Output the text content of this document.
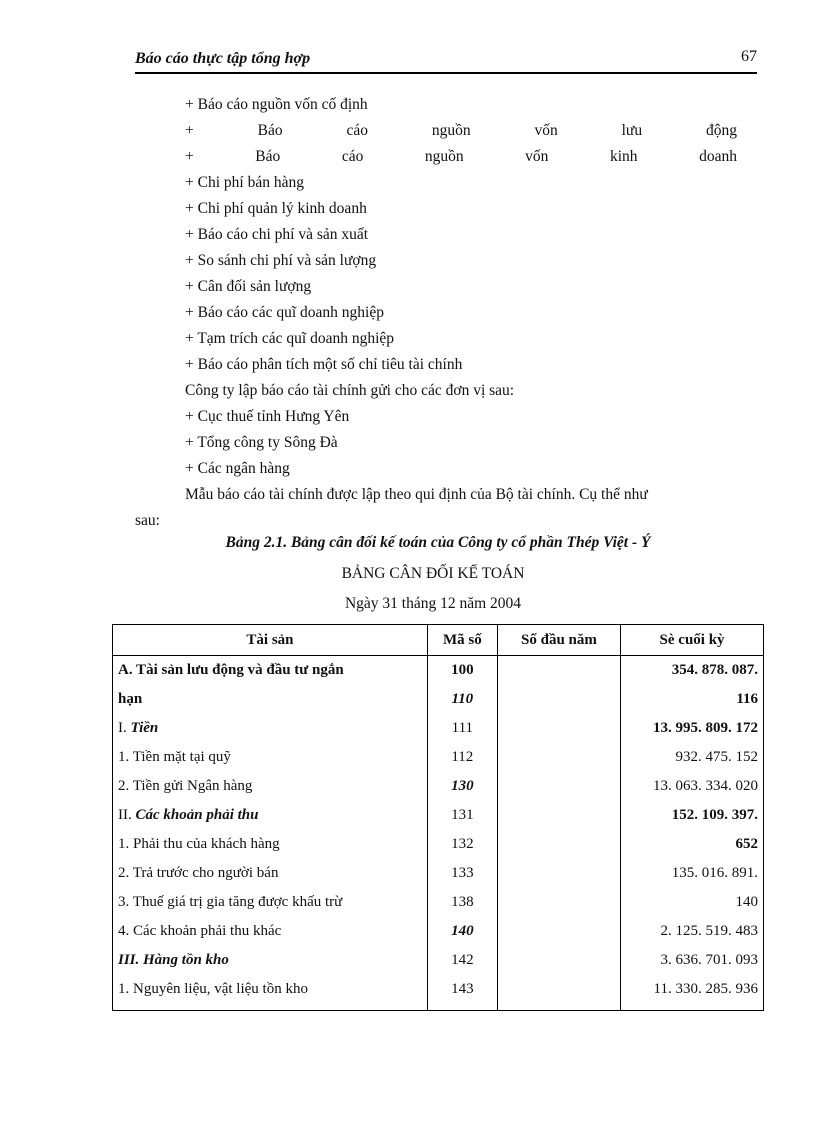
Báo cáo thực tập tổng hợp	67
+ Báo cáo nguồn vốn cố định
+	Báo	cáo	nguồn	vốn	lưu	động
+	Báo	cáo	nguồn	vốn	kinh	doanh
+ Chi phí bán hàng
+ Chi phí quản lý kinh doanh
+ Báo cáo chi phí và sản xuất
+ So sánh chi phí và sản lượng
+ Cân đối sản lượng
+ Báo cáo các quĩ doanh nghiệp
+ Tạm trích các quĩ doanh nghiệp
+ Báo cáo phân tích một số chỉ tiêu tài chính
Công ty lập báo cáo tài chính gửi cho các đơn vị sau:
+ Cục thuế tỉnh Hưng Yên
+ Tổng công ty Sông Đà
+ Các ngân hàng
Mẫu báo cáo tài chính được lập theo qui định của Bộ tài chính. Cụ thể như
sau:
Bảng 2.1. Bảng cân đối kế toán của Công ty cổ phần Thép Việt - Ý
BẢNG CÂN ĐỐI KẾ TOÁN
Ngày 31 tháng 12 năm 2004
Tài sản	Mã số	Số đầu năm	Sè cuối kỳ
A. Tài sản lưu động và đầu tư ngắn	100		354. 878. 087.
hạn	110		116
I. Tiền	111		13. 995. 809. 172
1. Tiền mặt tại quỹ	112		932. 475. 152
2. Tiền gửi Ngân hàng	130		13. 063. 334. 020
II. Các khoản phải thu	131		152. 109. 397.
1. Phải thu của khách hàng	132		652
2. Trả trước cho người bán	133		135. 016. 891.
3. Thuế giá trị gia tăng được khấu trừ	138		140
4. Các khoản phải thu khác	140		2. 125. 519. 483
III. Hàng tồn kho	142		3. 636. 701. 093
1. Nguyên liệu, vật liệu tồn kho	143		11. 330. 285. 936
